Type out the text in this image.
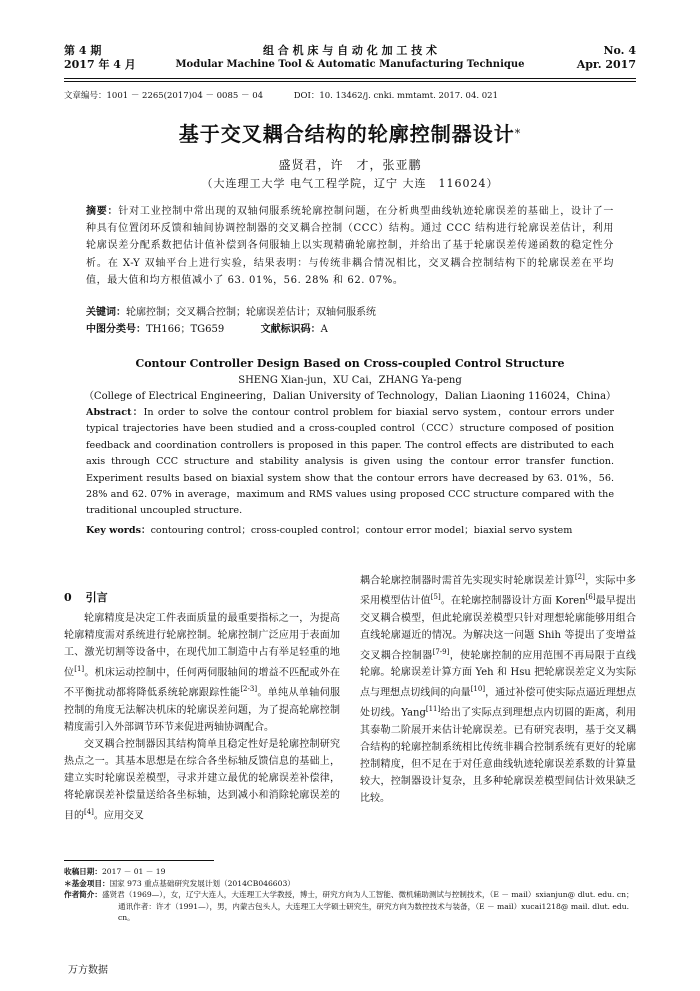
第 4 期
2017 年 4 月
组 合 机 床 与 自 动 化 加 工 技 术
Modular Machine Tool & Automatic Manufacturing Technique
No. 4
Apr. 2017
文章编号：1001 － 2265(2017)04 － 0085 － 04	DOI：10. 13462/j. cnki. mmtamt. 2017. 04. 021
基于交叉耦合结构的轮廓控制器设计*
盛贤君，许　才，张亚鹏
（大连理工大学 电气工程学院，辽宁 大连　116024）
摘要：针对工业控制中常出现的双轴伺服系统轮廓控制问题，在分析典型曲线轨迹轮廓误差的基础上，设计了一种具有位置闭环反馈和轴间协调控制器的交叉耦合控制（CCC）结构。通过 CCC 结构进行轮廓误差估计，利用轮廓误差分配系数把估计值补偿到各伺服轴上以实现精确轮廓控制，并给出了基于轮廓误差传递函数的稳定性分析。在 X-Y 双轴平台上进行实验，结果表明：与传统非耦合情况相比，交叉耦合控制结构下的轮廓误差在平均值，最大值和均方根值减小了 63. 01%，56. 28% 和 62. 07%。
关键词：轮廓控制；交叉耦合控制；轮廓误差估计；双轴伺服系统
中图分类号：TH166；TG659	文献标识码：A
Contour Controller Design Based on Cross-coupled Control Structure
SHENG Xian-jun，XU Cai，ZHANG Ya-peng
（College of Electrical Engineering，Dalian University of Technology，Dalian Liaoning 116024，China）
Abstract：In order to solve the contour control problem for biaxial servo system，contour errors under typical trajectories have been studied and a cross-coupled control（CCC）structure composed of position feedback and coordination controllers is proposed in this paper. The control effects are distributed to each axis through CCC structure and stability analysis is given using the contour error transfer function. Experiment results based on biaxial system show that the contour errors have decreased by 63. 01%，56. 28% and 62. 07% in average，maximum and RMS values using proposed CCC structure compared with the traditional uncoupled structure.
Key words：contouring control；cross-coupled control；contour error model；biaxial servo system
0 引言

轮廓精度是决定工件表面质量的最重要指标之一，为提高轮廓精度需对系统进行轮廓控制。轮廓控制广泛应用于表面加工、激光切割等设备中，在现代加工制造中占有举足轻重的地位[1]。机床运动控制中，任何两伺服轴间的增益不匹配或外在不平衡扰动都将降低系统轮廓跟踪性能[2-3]。单纯从单轴伺服控制的角度无法解决机床的轮廓误差问题，为了提高轮廓控制精度需引入外部调节环节来促进两轴协调配合。

交叉耦合控制器因其结构简单且稳定性好是轮廓控制研究热点之一。其基本思想是在综合各坐标轴反馈信息的基础上，建立实时轮廓误差模型，寻求并建立最优的轮廓误差补偿律，将轮廓误差补偿量送给各坐标轴，达到减小和消除轮廓误差的目的[4]。应用交叉

耦合轮廓控制器时需首先实现实时轮廓误差计算[2]，实际中多采用模型估计值[5]。在轮廓控制器设计方面 Koren[6]最早提出交叉耦合模型，但此轮廓误差模型只针对理想轮廓能够用组合直线轮廓逼近的情况。为解决这一问题 Shih 等提出了变增益交叉耦合控制器[7-9]，使轮廓控制的应用范围不再局限于直线轮廓。轮廓误差计算方面 Yeh 和 Hsu 把轮廓误差定义为实际点与理想点切线间的向量[10]，通过补偿可使实际点逼近理想点处切线。Yang[11]给出了实际点到理想点内切圆的距离，利用其泰勒二阶展开来估计轮廓误差。已有研究表明，基于交叉耦合结构的轮廓控制系统相比传统非耦合控制系统有更好的轮廓控制精度，但不足在于对任意曲线轨迹轮廓误差系数的计算量较大，控制器设计复杂，且多种轮廓误差模型间估计效果缺乏比较。

收稿日期：2017 － 01 － 19
＊基金项目：国家 973 重点基础研究发展计划（2014CB046603）
作者简介：盛贤君（1969—），女，辽宁大连人，大连理工大学教授，博士，研究方向为人工智能、微机辅助测试与控制技术，（E － mail）sxianjun@ dlut. edu. cn；通讯作者：许才（1991—），男，内蒙古包头人，大连理工大学硕士研究生，研究方向为数控技术与装备，（E － mail）xucai1218@ mail. dlut. edu. cn。
万方数据
